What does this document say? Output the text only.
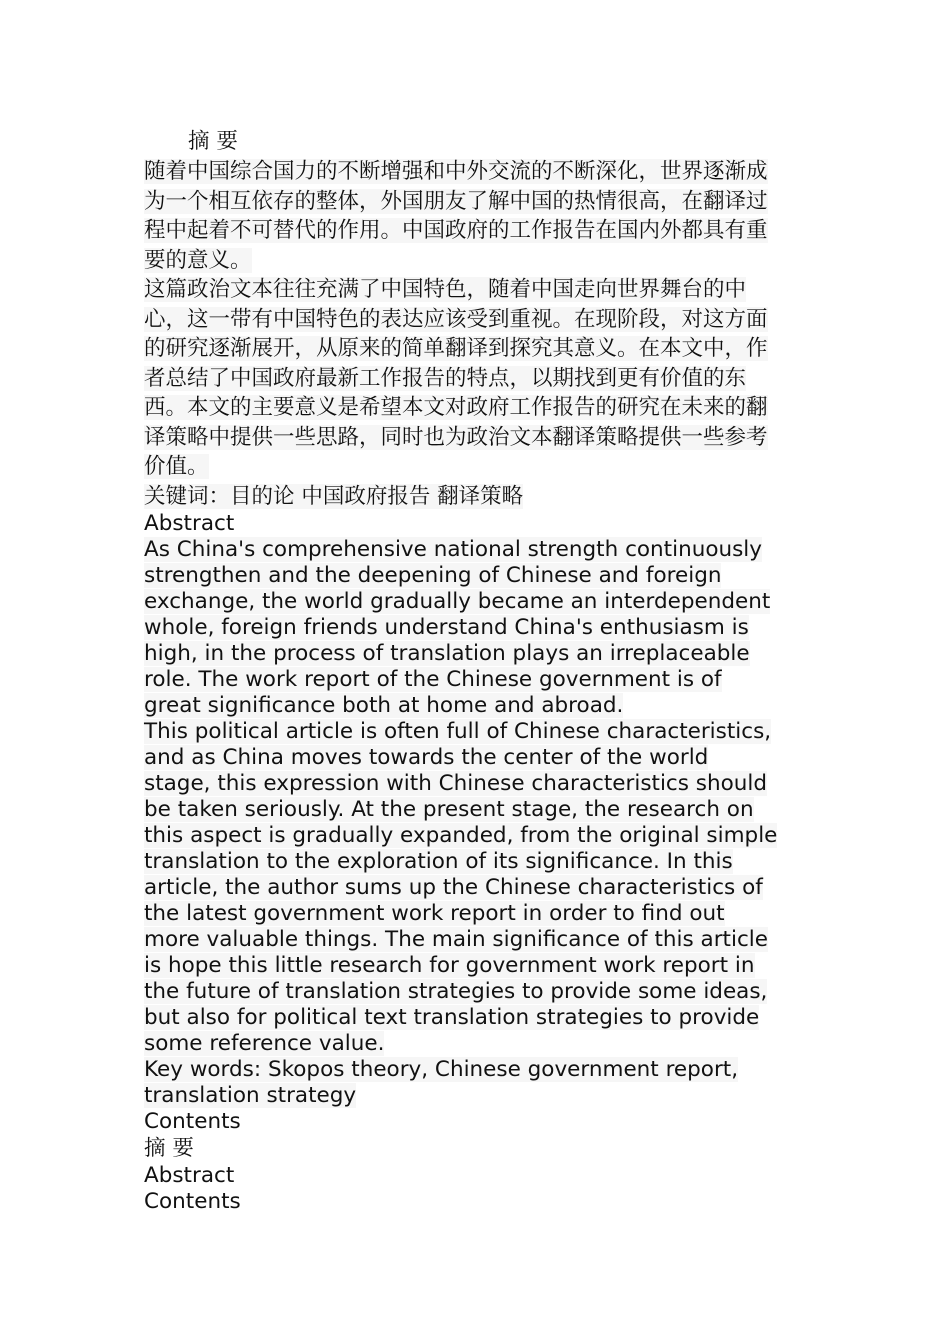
摘 要
随着中国综合国力的不断增强和中外交流的不断深化，世界逐渐成
为一个相互依存的整体，外国朋友了解中国的热情很高，在翻译过
程中起着不可替代的作用。中国政府的工作报告在国内外都具有重
要的意义。
这篇政治文本往往充满了中国特色，随着中国走向世界舞台的中
心，这一带有中国特色的表达应该受到重视。在现阶段，对这方面
的研究逐渐展开，从原来的简单翻译到探究其意义。在本文中，作
者总结了中国政府最新工作报告的特点，以期找到更有价值的东
西。本文的主要意义是希望本文对政府工作报告的研究在未来的翻
译策略中提供一些思路，同时也为政治文本翻译策略提供一些参考
价值。
关键词：目的论 中国政府报告 翻译策略
Abstract
As China's comprehensive national strength continuously
strengthen and the deepening of Chinese and foreign
exchange, the world gradually became an interdependent
whole, foreign friends understand China's enthusiasm is
high, in the process of translation plays an irreplaceable
role. The work report of the Chinese government is of
great significance both at home and abroad.
This political article is often full of Chinese characteristics,
and as China moves towards the center of the world
stage, this expression with Chinese characteristics should
be taken seriously. At the present stage, the research on
this aspect is gradually expanded, from the original simple
translation to the exploration of its significance. In this
article, the author sums up the Chinese characteristics of
the latest government work report in order to find out
more valuable things. The main significance of this article
is hope this little research for government work report in
the future of translation strategies to provide some ideas,
but also for political text translation strategies to provide
some reference value.
Key words: Skopos theory, Chinese government report,
translation strategy
Contents
摘 要
Abstract
Contents
